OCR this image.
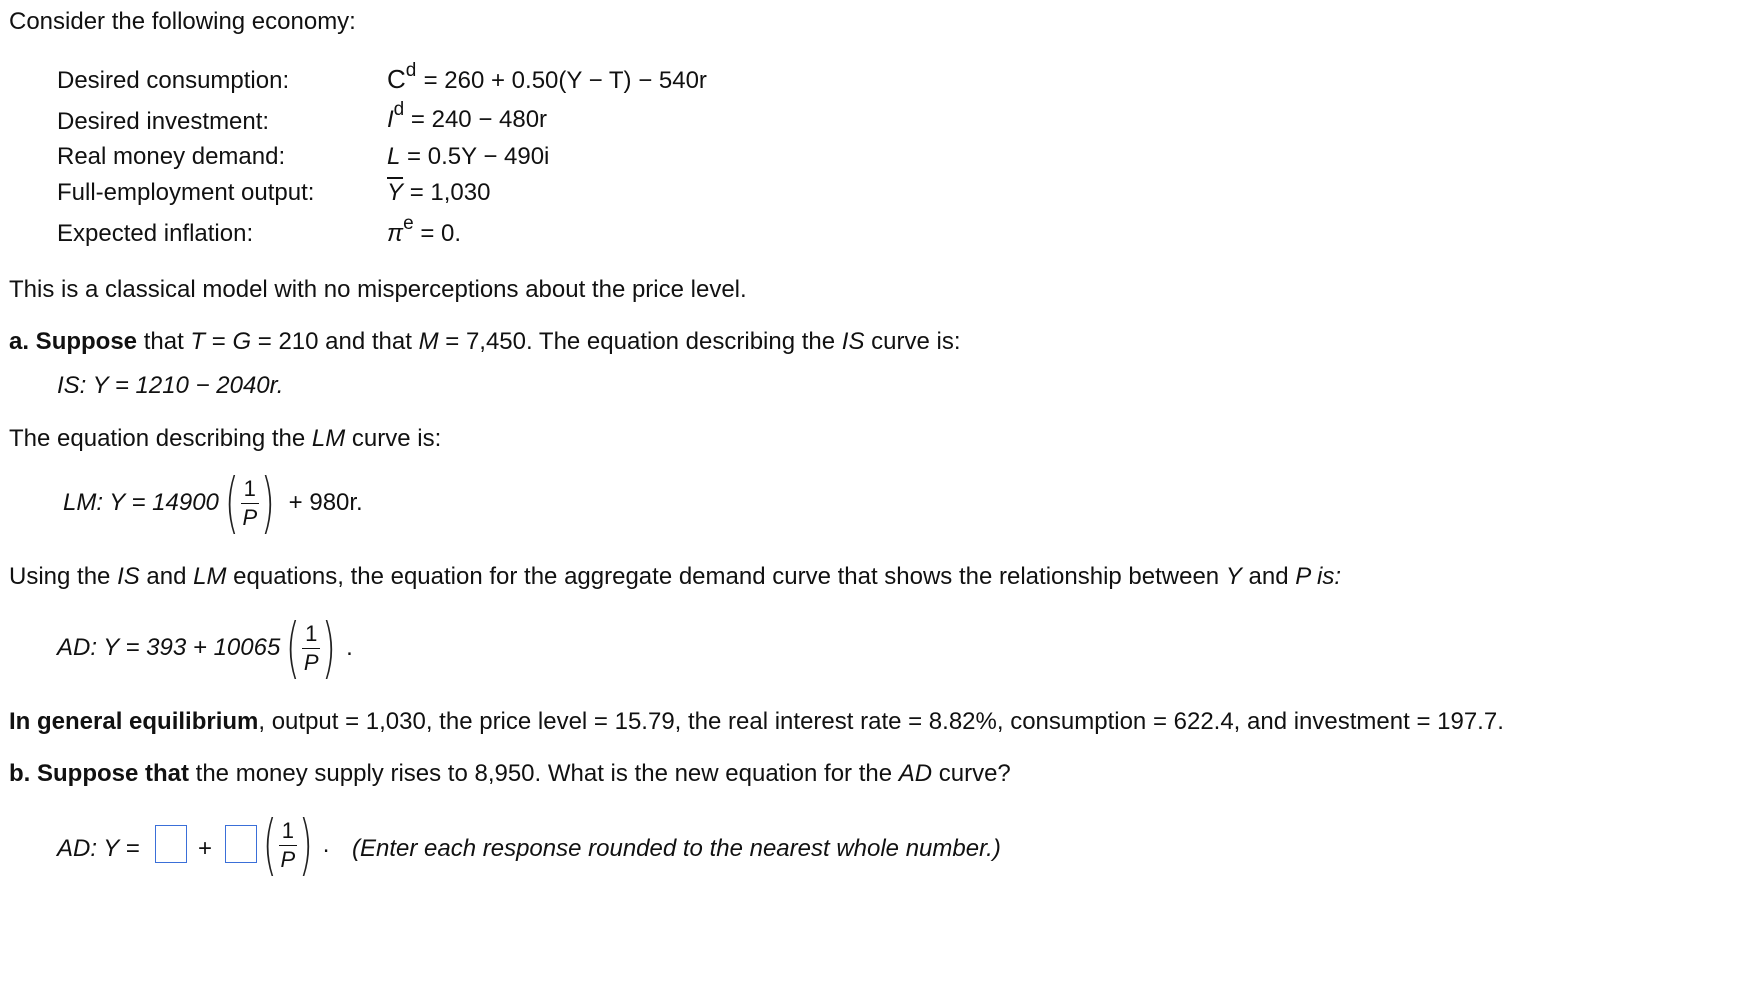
Consider the following economy:
Desired consumption:	$C^d = 260 + 0.50(Y - T) - 540r$
Desired investment:	$I^d = 240 - 480r$
Real money demand:	L = 0.5Y − 490i
Full-employment output:	$\overline{Y} = 1,030$
Expected inflation:	$\pi^e = 0$.
This is a classical model with no misperceptions about the price level.
a. Suppose that T = G = 210 and that M = 7,450. The equation describing the IS curve is:
IS: Y = 1210 − 2040r.
The equation describing the LM curve is:
LM: Y = 14900 ( $\frac{1}{P}$ ) + 980r.
Using the IS and LM equations, the equation for the aggregate demand curve that shows the relationship between Y and P is:
AD: Y = 393 + 10065 ( $\frac{1}{P}$ ) .
In general equilibrium, output = 1,030, the price level = 15.79, the real interest rate = 8.82%, consumption = 622.4, and investment = 197.7.
b. Suppose that the money supply rises to 8,950. What is the new equation for the AD curve?
AD: Y = + ( $\frac{1}{P}$ ) . (Enter each response rounded to the nearest whole number.)
